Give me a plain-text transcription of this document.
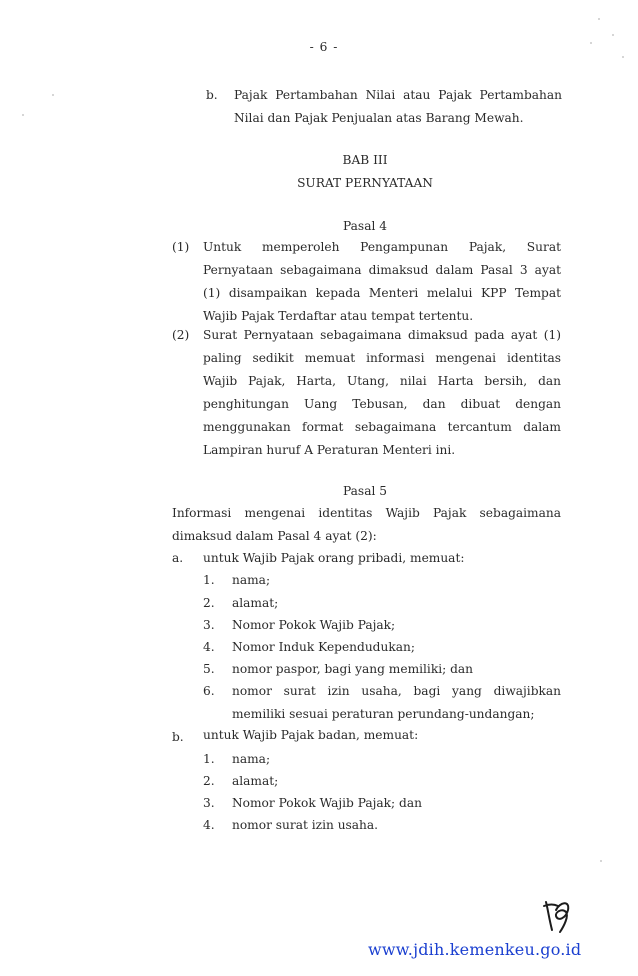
- 6 -
b. Pajak Pertambahan Nilai atau Pajak Pertambahan
Nilai dan Pajak Penjualan atas Barang Mewah.
BAB III
SURAT PERNYATAAN
Pasal 4
(1) Untuk memperoleh Pengampunan Pajak, Surat
Pernyataan sebagaimana dimaksud dalam Pasal 3 ayat
(1) disampaikan kepada Menteri melalui KPP Tempat
Wajib Pajak Terdaftar atau tempat tertentu.
(2) Surat Pernyataan sebagaimana dimaksud pada ayat (1)
paling sedikit memuat informasi mengenai identitas
Wajib Pajak, Harta, Utang, nilai Harta bersih, dan
penghitungan Uang Tebusan, dan dibuat dengan
menggunakan format sebagaimana tercantum dalam
Lampiran huruf A Peraturan Menteri ini.
Pasal 5
Informasi mengenai identitas Wajib Pajak sebagaimana
dimaksud dalam Pasal 4 ayat (2):
a. untuk Wajib Pajak orang pribadi, memuat:
1. nama;
2. alamat;
3. Nomor Pokok Wajib Pajak;
4. Nomor Induk Kependudukan;
5. nomor paspor, bagi yang memiliki; dan
6. nomor surat izin usaha, bagi yang diwajibkan
memiliki sesuai peraturan perundang-undangan;
b. untuk Wajib Pajak badan, memuat:
1. nama;
2. alamat;
3. Nomor Pokok Wajib Pajak; dan
4. nomor surat izin usaha.
www.jdih.kemenkeu.go.id
